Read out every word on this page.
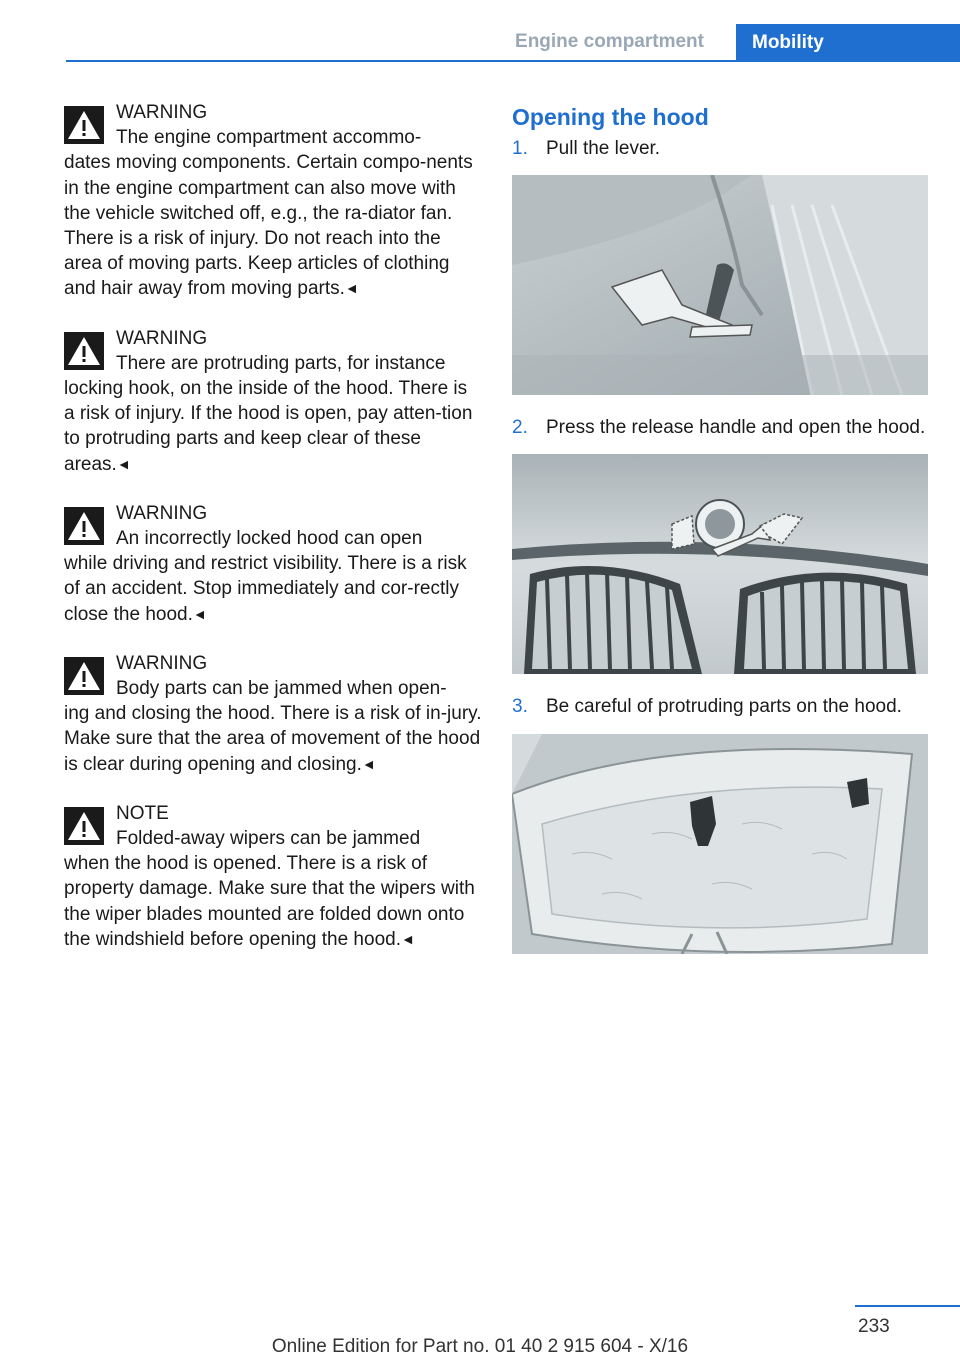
Engine compartment	Mobility
WARNING
The engine compartment accommo-
dates moving components. Certain compo-nents in the engine compartment can also move with the vehicle switched off, e.g., the ra-diator fan. There is a risk of injury. Do not reach into the area of moving parts. Keep articles of clothing and hair away from moving parts.◄
WARNING
There are protruding parts, for instance
locking hook, on the inside of the hood. There is a risk of injury. If the hood is open, pay atten-tion to protruding parts and keep clear of these areas.◄
WARNING
An incorrectly locked hood can open
while driving and restrict visibility. There is a risk of an accident. Stop immediately and cor-rectly close the hood.◄
WARNING
Body parts can be jammed when open-
ing and closing the hood. There is a risk of in-jury. Make sure that the area of movement of the hood is clear during opening and closing.◄
NOTE
Folded-away wipers can be jammed
when the hood is opened. There is a risk of property damage. Make sure that the wipers with the wiper blades mounted are folded down onto the windshield before opening the hood.◄
Opening the hood
1. Pull the lever.
2. Press the release handle and open the hood.
3. Be careful of protruding parts on the hood.
233
Online Edition for Part no. 01 40 2 915 604 - X/16
